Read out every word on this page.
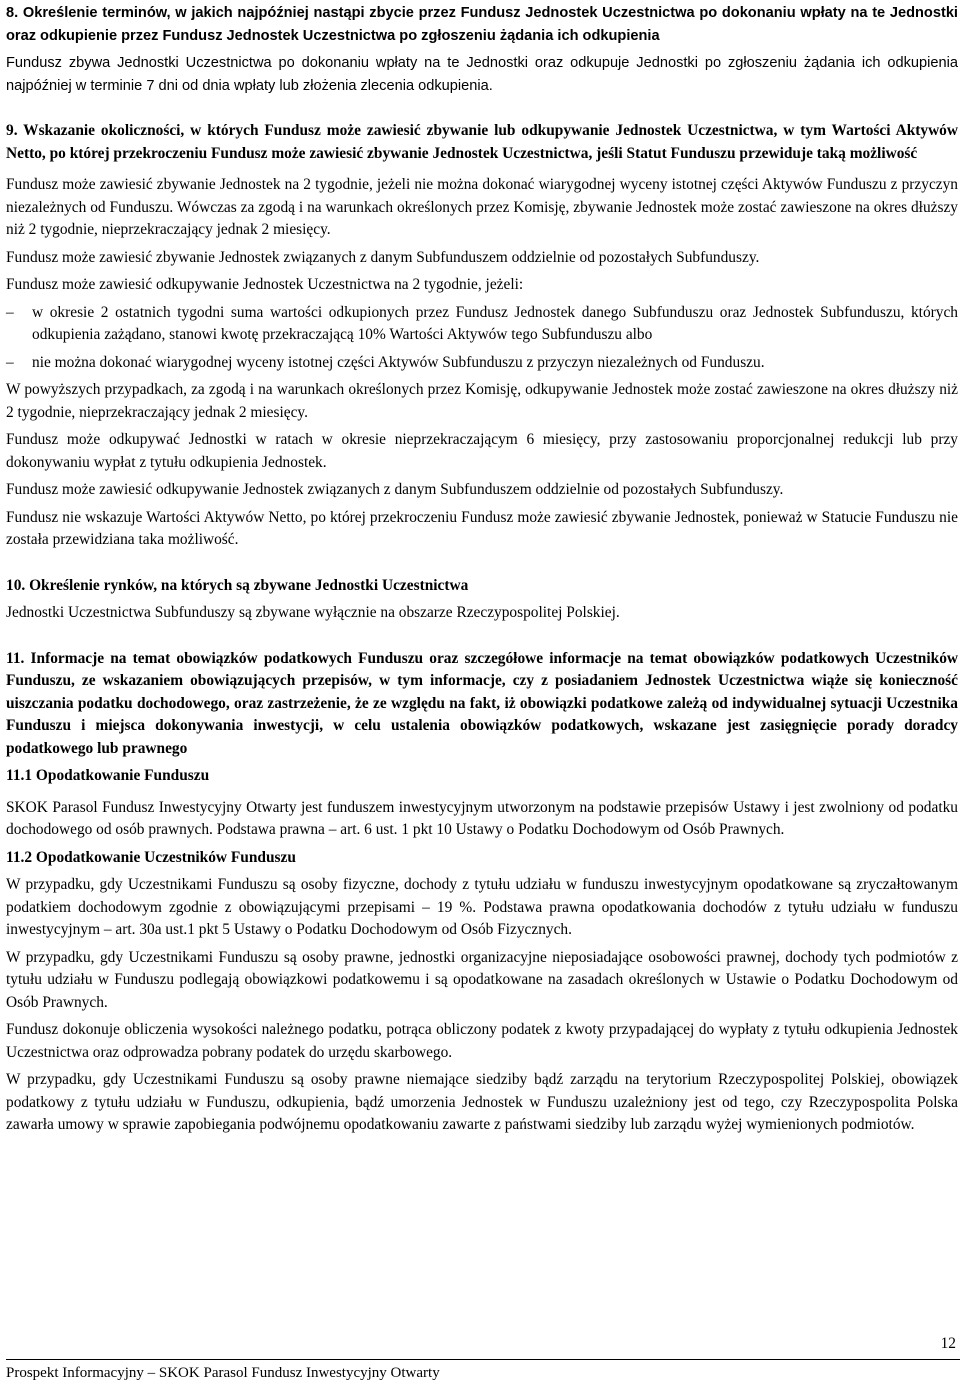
8. Określenie terminów, w jakich najpóźniej nastąpi zbycie przez Fundusz Jednostek Uczestnictwa po dokonaniu wpłaty na te Jednostki oraz odkupienie przez Fundusz Jednostek Uczestnictwa po zgłoszeniu żądania ich odkupienia

Fundusz zbywa Jednostki Uczestnictwa po dokonaniu wpłaty na te Jednostki oraz odkupuje Jednostki po zgłoszeniu żądania ich odkupienia najpóźniej w terminie 7 dni od dnia wpłaty lub złożenia zlecenia odkupienia.

9. Wskazanie okoliczności, w których Fundusz może zawiesić zbywanie lub odkupywanie Jednostek Uczestnictwa, w tym Wartości Aktywów Netto, po której przekroczeniu Fundusz może zawiesić zbywanie Jednostek Uczestnictwa, jeśli Statut Funduszu przewiduje taką możliwość

Fundusz może zawiesić zbywanie Jednostek na 2 tygodnie, jeżeli nie można dokonać wiarygodnej wyceny istotnej części Aktywów Funduszu z przyczyn niezależnych od Funduszu. Wówczas za zgodą i na warunkach określonych przez Komisję, zbywanie Jednostek może zostać zawieszone na okres dłuższy niż 2 tygodnie, nieprzekraczający jednak 2 miesięcy.

Fundusz może zawiesić zbywanie Jednostek związanych z danym Subfunduszem oddzielnie od pozostałych Subfunduszy.

Fundusz może zawiesić odkupywanie Jednostek Uczestnictwa na 2 tygodnie, jeżeli:

–	w okresie 2 ostatnich tygodni suma wartości odkupionych przez Fundusz Jednostek danego Subfunduszu oraz Jednostek Subfunduszu, których odkupienia zażądano, stanowi kwotę przekraczającą 10% Wartości Aktywów tego Subfunduszu albo
–	nie można dokonać wiarygodnej wyceny istotnej części Aktywów Subfunduszu z przyczyn niezależnych od Funduszu.

W powyższych przypadkach, za zgodą i na warunkach określonych przez Komisję, odkupywanie Jednostek może zostać zawieszone na okres dłuższy niż 2 tygodnie, nieprzekraczający jednak 2 miesięcy.

Fundusz może odkupywać Jednostki w ratach w okresie nieprzekraczającym 6 miesięcy, przy zastosowaniu proporcjonalnej redukcji lub przy dokonywaniu wypłat z tytułu odkupienia Jednostek.

Fundusz może zawiesić odkupywanie Jednostek związanych z danym Subfunduszem oddzielnie od pozostałych Subfunduszy.

Fundusz nie wskazuje Wartości Aktywów Netto, po której przekroczeniu Fundusz może zawiesić zbywanie Jednostek, ponieważ w Statucie Funduszu nie została przewidziana taka możliwość.

10. Określenie rynków, na których są zbywane Jednostki Uczestnictwa

Jednostki Uczestnictwa Subfunduszy są zbywane wyłącznie na obszarze Rzeczypospolitej Polskiej.

11. Informacje na temat obowiązków podatkowych Funduszu oraz szczegółowe informacje na temat obowiązków podatkowych Uczestników Funduszu, ze wskazaniem obowiązujących przepisów, w tym informacje, czy z posiadaniem Jednostek Uczestnictwa wiąże się konieczność uiszczania podatku dochodowego, oraz zastrzeżenie, że ze względu na fakt, iż obowiązki podatkowe zależą od indywidualnej sytuacji Uczestnika Funduszu i miejsca dokonywania inwestycji, w celu ustalenia obowiązków podatkowych, wskazane jest zasięgnięcie porady doradcy podatkowego lub prawnego

11.1 Opodatkowanie Funduszu

SKOK Parasol Fundusz Inwestycyjny Otwarty jest funduszem inwestycyjnym utworzonym na podstawie przepisów Ustawy i jest zwolniony od podatku dochodowego od osób prawnych. Podstawa prawna – art. 6 ust. 1 pkt 10 Ustawy o Podatku Dochodowym od Osób Prawnych.

11.2 Opodatkowanie Uczestników Funduszu

W przypadku, gdy Uczestnikami Funduszu są osoby fizyczne, dochody z tytułu udziału w funduszu inwestycyjnym opodatkowane są zryczałtowanym podatkiem dochodowym zgodnie z obowiązującymi przepisami – 19 %. Podstawa prawna opodatkowania dochodów z tytułu udziału w funduszu inwestycyjnym – art. 30a ust.1 pkt 5 Ustawy o Podatku Dochodowym od Osób Fizycznych.

W przypadku, gdy Uczestnikami Funduszu są osoby prawne, jednostki organizacyjne nieposiadające osobowości prawnej, dochody tych podmiotów z tytułu udziału w Funduszu podlegają obowiązkowi podatkowemu i są opodatkowane na zasadach określonych w Ustawie o Podatku Dochodowym od Osób Prawnych.

Fundusz dokonuje obliczenia wysokości należnego podatku, potrąca obliczony podatek z kwoty przypadającej do wypłaty z tytułu odkupienia Jednostek Uczestnictwa oraz odprowadza pobrany podatek do urzędu skarbowego.

W przypadku, gdy Uczestnikami Funduszu są osoby prawne niemające siedziby bądź zarządu na terytorium Rzeczypospolitej Polskiej, obowiązek podatkowy z tytułu udziału w Funduszu, odkupienia, bądź umorzenia Jednostek w Funduszu uzależniony jest od tego, czy Rzeczypospolita Polska zawarła umowy w sprawie zapobiegania podwójnemu opodatkowaniu zawarte z państwami siedziby lub zarządu wyżej wymienionych podmiotów.

12
Prospekt Informacyjny – SKOK Parasol Fundusz Inwestycyjny Otwarty
